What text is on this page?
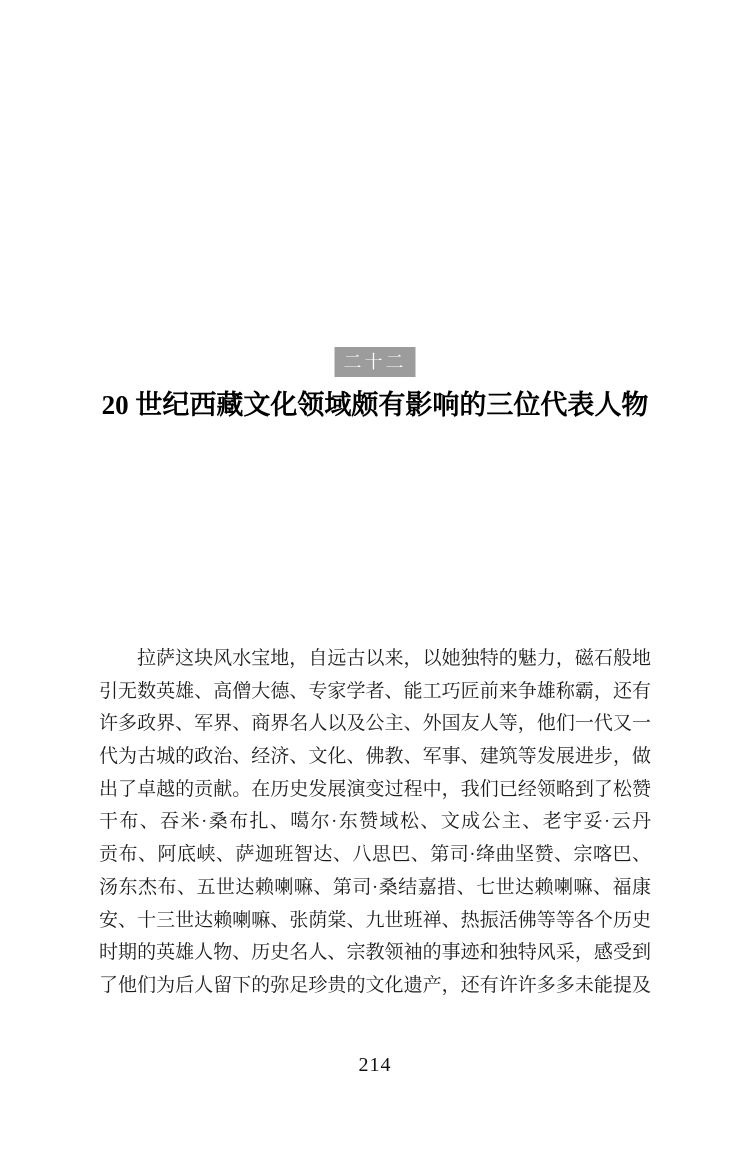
二十二
20 世纪西藏文化领域颇有影响的三位代表人物
拉萨这块风水宝地，自远古以来，以她独特的魅力，磁石般地
引无数英雄、高僧大德、专家学者、能工巧匠前来争雄称霸，还有
许多政界、军界、商界名人以及公主、外国友人等，他们一代又一
代为古城的政治、经济、文化、佛教、军事、建筑等发展进步，做
出了卓越的贡献。在历史发展演变过程中，我们已经领略到了松赞
干布、吞米·桑布扎、噶尔·东赞域松、文成公主、老宇妥·云丹
贡布、阿底峡、萨迦班智达、八思巴、第司·绛曲坚赞、宗喀巴、
汤东杰布、五世达赖喇嘛、第司·桑结嘉措、七世达赖喇嘛、福康
安、十三世达赖喇嘛、张荫棠、九世班禅、热振活佛等等各个历史
时期的英雄人物、历史名人、宗教领袖的事迹和独特风采，感受到
了他们为后人留下的弥足珍贵的文化遗产，还有许许多多未能提及
214
